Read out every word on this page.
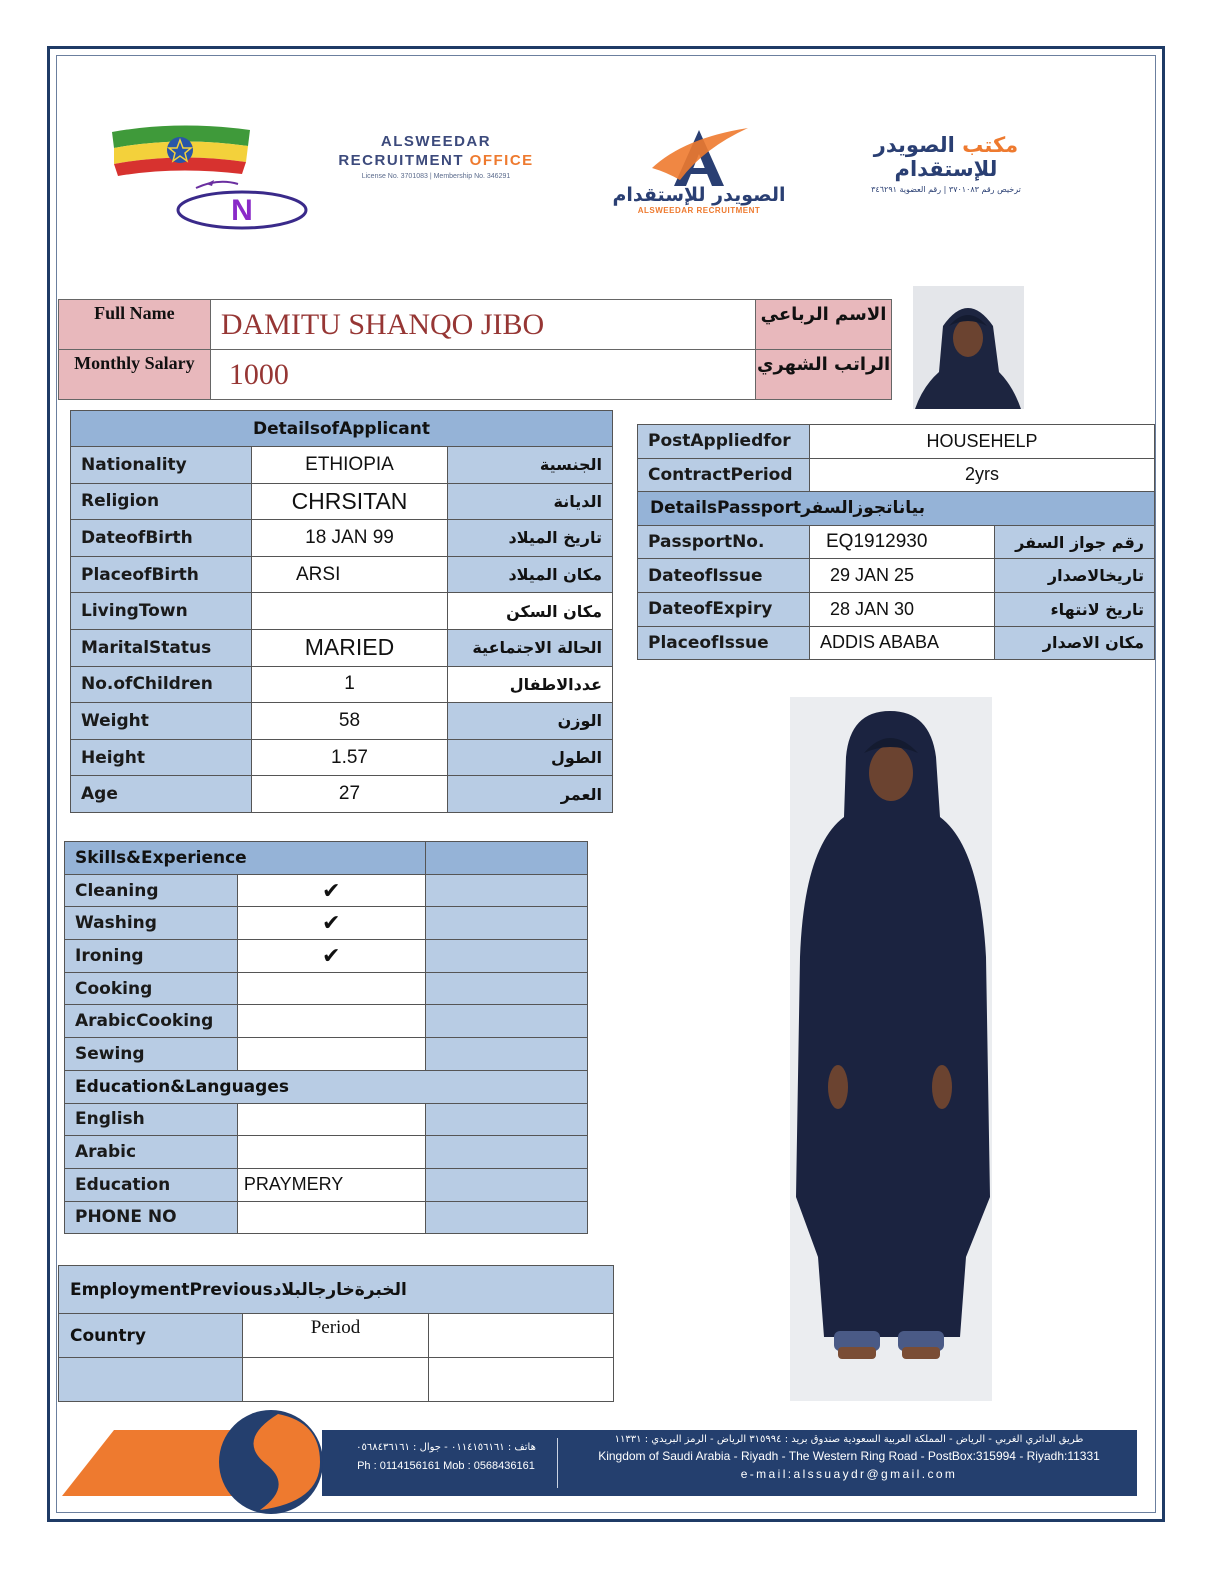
N
ALSWEEDAR
RECRUITMENT OFFICE
License No. 3701083 | Membership No. 346291
الصويدر للإستقدام
ALSWEEDAR RECRUITMENT
مكتب الصويدر للإستقدام
ترخيص رقم ٣٧٠١٠٨٣ | رقم العضوية ٣٤٦٢٩١
Full Name	DAMITU SHANQO JIBO	الاسم الرباعي
Monthly Salary	1000	الراتب الشهري
DetailsofApplicant		
Nationality	ETHIOPIA	الجنسية
Religion	CHRSITAN	الديانة
DateofBirth	18 JAN 99	تاريخ الميلاد
PlaceofBirth	ARSI	مكان الميلاد
LivingTown		مكان السكن
MaritalStatus	MARIED	الحالة الاجتماعية
No.ofChildren	1	عددالاطفال
Weight	58	الوزن
Height	1.57	الطول
Age	27	العمر
PostAppliedfor	HOUSEHELP	
ContractPeriod	2yrs	
DetailsPassportبياناتجوزالسفر		
PassportNo.	EQ1912930	رقم جواز السفر
DateofIssue	29 JAN 25	تاريخالاصدار
DateofExpiry	28 JAN 30	تاريخ لانتهاء
PlaceofIssue	ADDIS ABABA	مكان الاصدار
Skills&Experience		
Cleaning	✔	
Washing	✔	
Ironing	✔	
Cooking		
ArabicCooking		
Sewing		
Education&Languages		
English		
Arabic		
Education	PRAYMERY	
PHONE NO		
EmploymentPreviousالخبرةخارجالبلاد		
Country	Period	

هاتف : ٠١١٤١٥٦١٦١ - جوال : ٠٥٦٨٤٣٦١٦١
Ph : 0114156161 Mob : 0568436161
طريق الدائري الغربي - الرياض - المملكة العربية السعودية صندوق بريد : ٣١٥٩٩٤ الرياض - الرمز البريدي : ١١٣٣١
Kingdom of Saudi Arabia - Riyadh - The Western Ring Road - PostBox:315994 - Riyadh:11331
e-mail:alssuaydr@gmail.com
